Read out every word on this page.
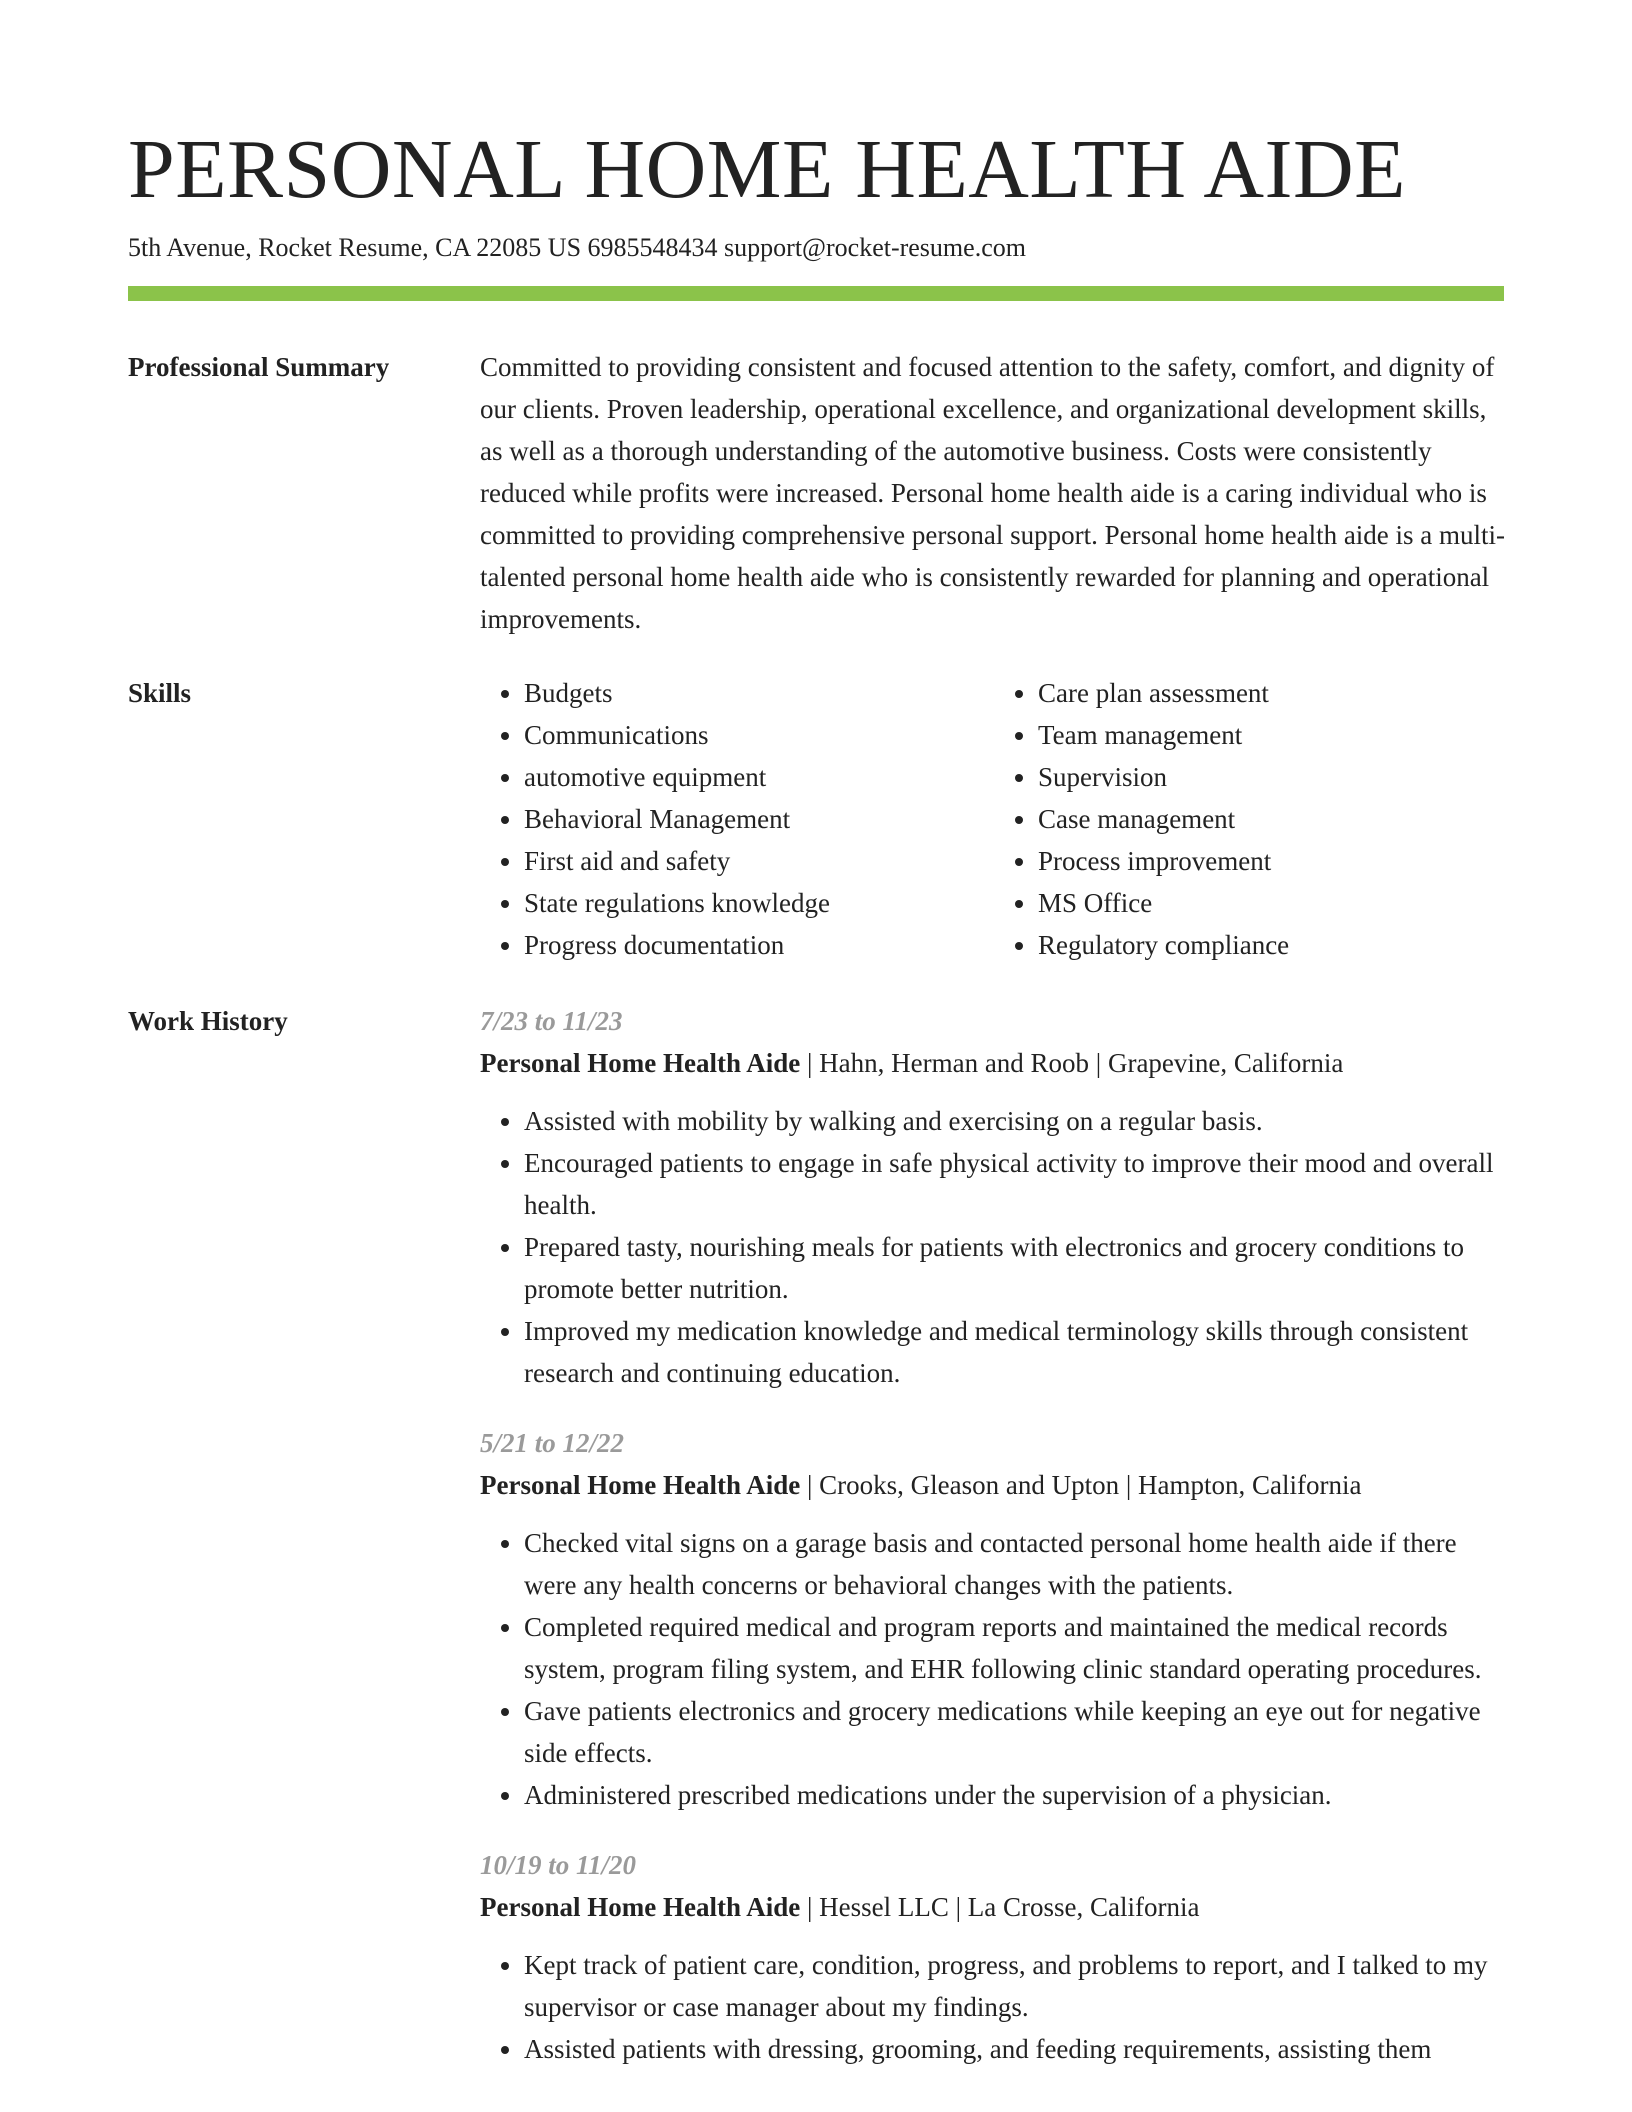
PERSONAL HOME HEALTH AIDE
5th Avenue, Rocket Resume, CA 22085 US 6985548434 support@rocket-resume.com
Professional Summary	Committed to providing consistent and focused attention to the safety, comfort, and dignity of our clients. Proven leadership, operational excellence, and organizational development skills, as well as a thorough understanding of the automotive business. Costs were consistently reduced while profits were increased. Personal home health aide is a caring individual who is committed to providing comprehensive personal support. Personal home health aide is a multi-talented personal home health aide who is consistently rewarded for planning and operational improvements.

Skills
•	Budgets
• Communications
• automotive equipment
• Behavioral Management
• First aid and safety
• State regulations knowledge
• Progress documentation
• Care plan assessment
• Team management
• Supervision
• Case management
• Process improvement
• MS Office
• Regulatory compliance
Work History	7/23 to 11/23
Personal Home Health Aide | Hahn, Herman and Roob | Grapevine, California
• Assisted with mobility by walking and exercising on a regular basis.
• Encouraged patients to engage in safe physical activity to improve their mood and overall health.
• Prepared tasty, nourishing meals for patients with electronics and grocery conditions to promote better nutrition.
• Improved my medication knowledge and medical terminology skills through consistent research and continuing education.
5/21 to 12/22
Personal Home Health Aide | Crooks, Gleason and Upton | Hampton, California
• Checked vital signs on a garage basis and contacted personal home health aide if there were any health concerns or behavioral changes with the patients.
• Completed required medical and program reports and maintained the medical records system, program filing system, and EHR following clinic standard operating procedures.
• Gave patients electronics and grocery medications while keeping an eye out for negative side effects.
• Administered prescribed medications under the supervision of a physician.
10/19 to 11/20
Personal Home Health Aide | Hessel LLC | La Crosse, California
• Kept track of patient care, condition, progress, and problems to report, and I talked to my supervisor or case manager about my findings.
• Assisted patients with dressing, grooming, and feeding requirements, assisting them
